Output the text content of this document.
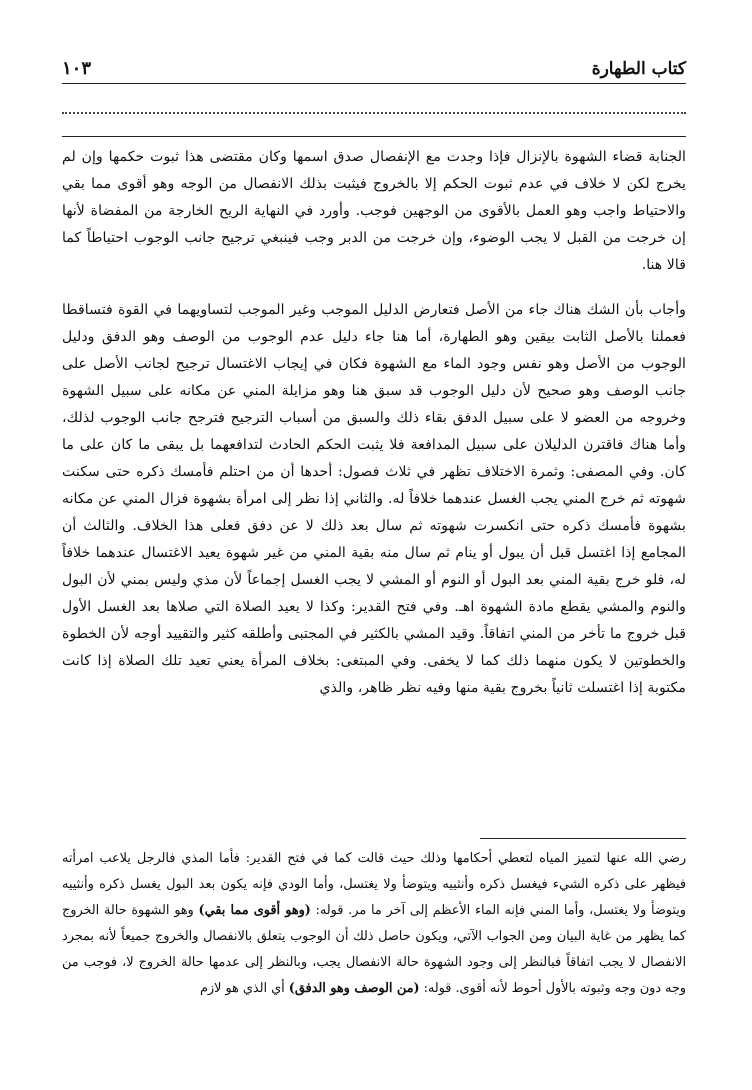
كتاب الطهارة
١٠٣

الجنابة قضاء الشهوة بالإنزال فإذا وجدت مع الإنفصال صدق اسمها وكان مقتضى هذا ثبوت حكمها وإن لم يخرج لكن لا خلاف في عدم ثبوت الحكم إلا بالخروج فيثبت بذلك الانفصال من الوجه وهو أقوى مما بقي والاحتياط واجب وهو العمل بالأقوى من الوجهين فوجب. وأورد في النهاية الريح الخارجة من المفضاة لأنها إن خرجت من القبل لا يجب الوضوء، وإن خرجت من الدبر وجب فينبغي ترجيح جانب الوجوب احتياطاً كما قالا هنا.

وأجاب بأن الشك هناك جاء من الأصل فتعارض الدليل الموجب وغير الموجب لتساويهما في القوة فتساقطا فعملنا بالأصل الثابت بيقين وهو الطهارة، أما هنا جاء دليل عدم الوجوب من الوصف وهو الدفق ودليل الوجوب من الأصل وهو نفس وجود الماء مع الشهوة فكان في إيجاب الاغتسال ترجيح لجانب الأصل على جانب الوصف وهو صحيح لأن دليل الوجوب قد سبق هنا وهو مزايلة المني عن مكانه على سبيل الشهوة وخروجه من العضو لا على سبيل الدفق بقاء ذلك والسبق من أسباب الترجيح فترجح جانب الوجوب لذلك، وأما هناك فاقترن الدليلان على سبيل المدافعة فلا يثبت الحكم الحادث لتدافعهما بل يبقى ما كان على ما كان. وفي المصفى: وثمرة الاختلاف تظهر في ثلاث فصول: أحدها أن من احتلم فأمسك ذكره حتى سكنت شهوته ثم خرج المني يجب الغسل عندهما خلافاً له. والثاني إذا نظر إلى امرأة بشهوة فزال المني عن مكانه بشهوة فأمسك ذكره حتى انكسرت شهوته ثم سال بعد ذلك لا عن دفق فعلى هذا الخلاف. والثالث أن المجامع إذا اغتسل قبل أن يبول أو ينام ثم سال منه بقية المني من غير شهوة يعيد الاغتسال عندهما خلافاً له، فلو خرج بقية المني بعد البول أو النوم أو المشي لا يجب الغسل إجماعاً لأن مذي وليس بمني لأن البول والنوم والمشي يقطع مادة الشهوة اهـ. وفي فتح القدير: وكذا لا يعيد الصلاة التي صلاها بعد الغسل الأول قبل خروج ما تأخر من المني اتفاقاً. وقيد المشي بالكثير في المجتبى وأطلقه كثير والتقييد أوجه لأن الخطوة والخطوتين لا يكون منهما ذلك كما لا يخفى. وفي المبتغى: بخلاف المرأة يعني تعيد تلك الصلاة إذا كانت مكتوبة إذا اغتسلت ثانياً بخروج بقية منها وفيه نظر ظاهر، والذي

رضي الله عنها لتميز المياه لتعطي أحكامها وذلك حيث قالت كما في فتح القدير: فأما المذي فالرجل يلاعب امرأته فيظهر على ذكره الشيء فيغسل ذكره وأنثييه ويتوضأ ولا يغتسل، وأما الودي فإنه يكون بعد البول يغسل ذكره وأنثييه ويتوضأ ولا يغتسل، وأما المني فإنه الماء الأعظم إلى آخر ما مر. قوله: (وهو أقوى مما بقي) وهو الشهوة حالة الخروج كما يظهر من غاية البيان ومن الجواب الآتي، ويكون حاصل ذلك أن الوجوب يتعلق بالانفصال والخروج جميعاً لأنه بمجرد الانفصال لا يجب اتفاقاً فبالنظر إلى وجود الشهوة حالة الانفصال يجب، وبالنظر إلى عدمها حالة الخروج لا، فوجب من وجه دون وجه وثبوته بالأول أحوط لأنه أقوى. قوله: (من الوصف وهو الدفق) أي الذي هو لازم
